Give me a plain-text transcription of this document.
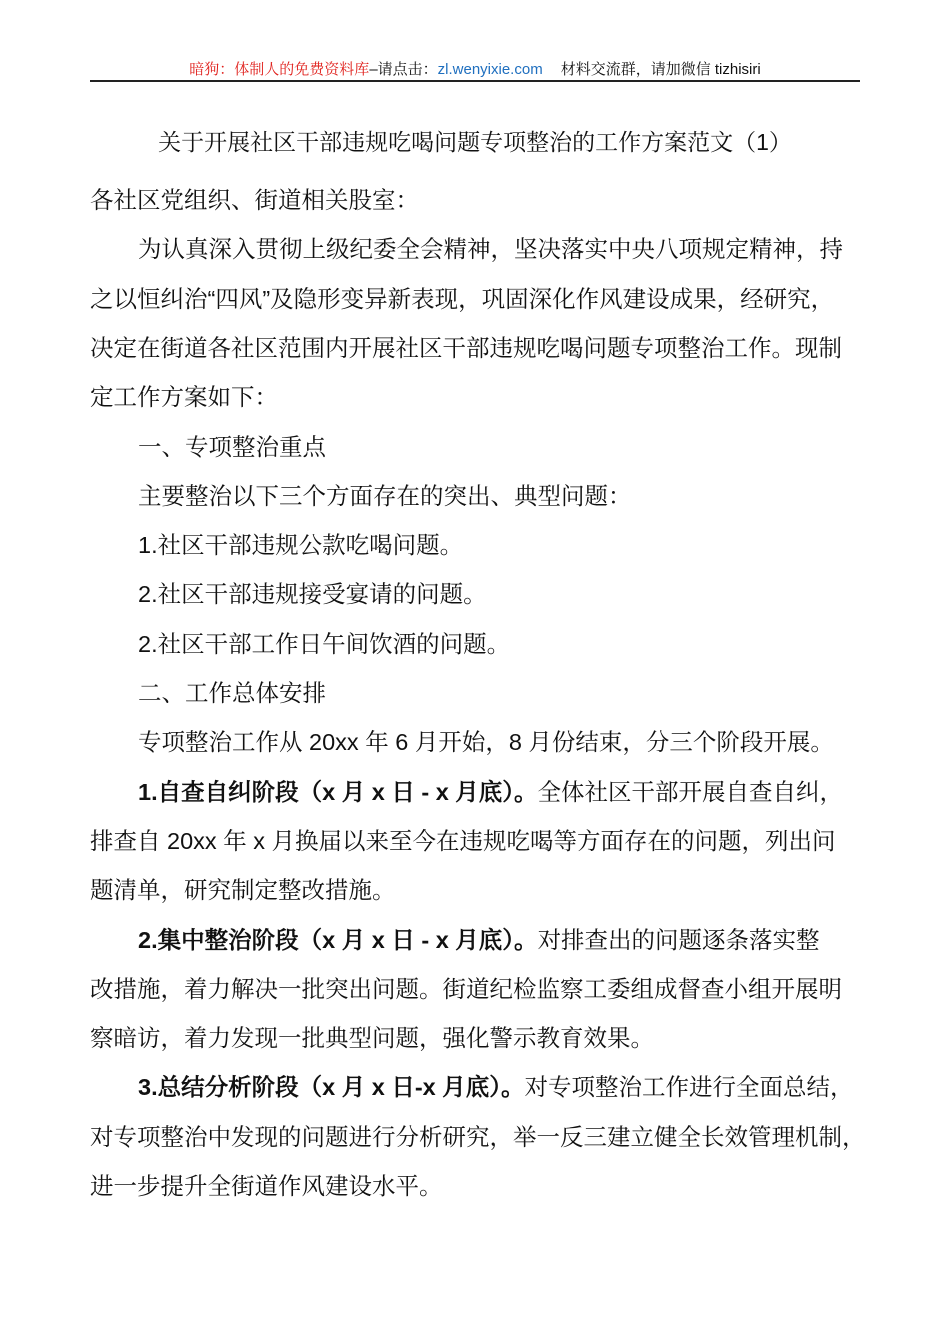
暗狗：体制人的免费资料库–请点击：zl.wenyixie.com 材料交流群，请加微信 tizhisiri
关于开展社区干部违规吃喝问题专项整治的工作方案范文（1）
各社区党组织、街道相关股室：
为认真深入贯彻上级纪委全会精神，坚决落实中央八项规定精神，持
之以恒纠治“四风”及隐形变异新表现，巩固深化作风建设成果，经研究，
决定在街道各社区范围内开展社区干部违规吃喝问题专项整治工作。现制
定工作方案如下：
一、专项整治重点
主要整治以下三个方面存在的突出、典型问题：
1.社区干部违规公款吃喝问题。
2.社区干部违规接受宴请的问题。
2.社区干部工作日午间饮酒的问题。
二、工作总体安排
专项整治工作从 20xx 年 6 月开始，8 月份结束，分三个阶段开展。
1.自查自纠阶段（x 月 x 日 - x 月底）。全体社区干部开展自查自纠，
排查自 20xx 年 x 月换届以来至今在违规吃喝等方面存在的问题，列出问
题清单，研究制定整改措施。
2.集中整治阶段（x 月 x 日 - x 月底）。对排查出的问题逐条落实整
改措施，着力解决一批突出问题。街道纪检监察工委组成督查小组开展明
察暗访，着力发现一批典型问题，强化警示教育效果。
3.总结分析阶段（x 月 x 日-x 月底）。对专项整治工作进行全面总结，
对专项整治中发现的问题进行分析研究，举一反三建立健全长效管理机制，
进一步提升全街道作风建设水平。
